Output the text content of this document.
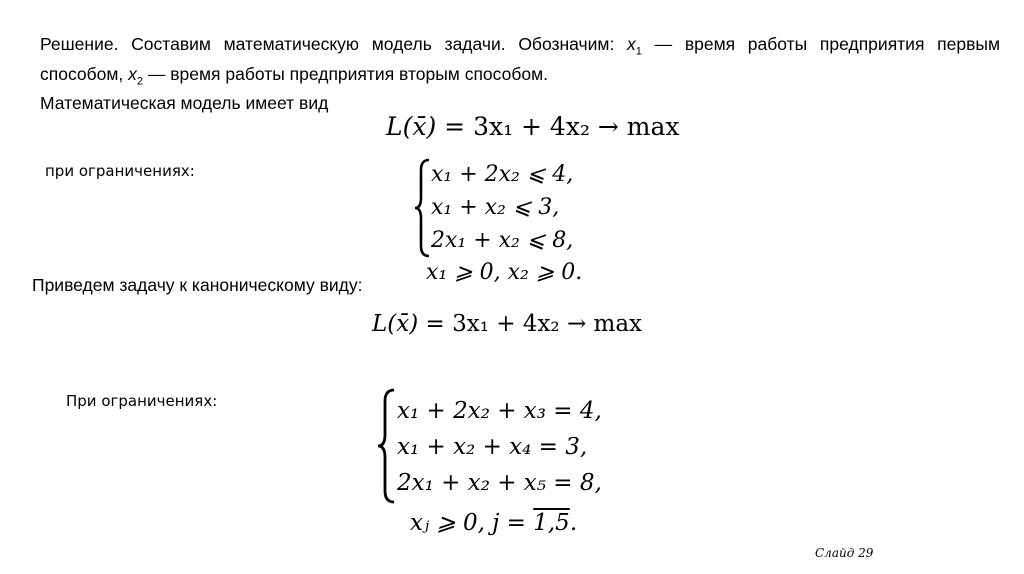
Решение. Составим математическую модель задачи. Обозначим: $x_1$ — время работы предприятия первым способом, $x_2$ — время работы предприятия вторым способом.

Математическая модель имеет вид

L(x̄) = 3x₁ + 4x₂ → max
при ограничениях:	x₁ + 2x₂ ⩽ 4,
x₁ + x₂ ⩽ 3,
2x₁ + x₂ ⩽ 8,
x₁ ⩾ 0, x₂ ⩾ 0.
Приведем задачу к каноническому виду:
L(x̄) = 3x₁ + 4x₂ → max
При ограничениях:	x₁ + 2x₂ + x₃ = 4,
x₁ + x₂ + x₄ = 3,
2x₁ + x₂ + x₅ = 8,
xⱼ ⩾ 0, j = 1,5.
Слайд 29
